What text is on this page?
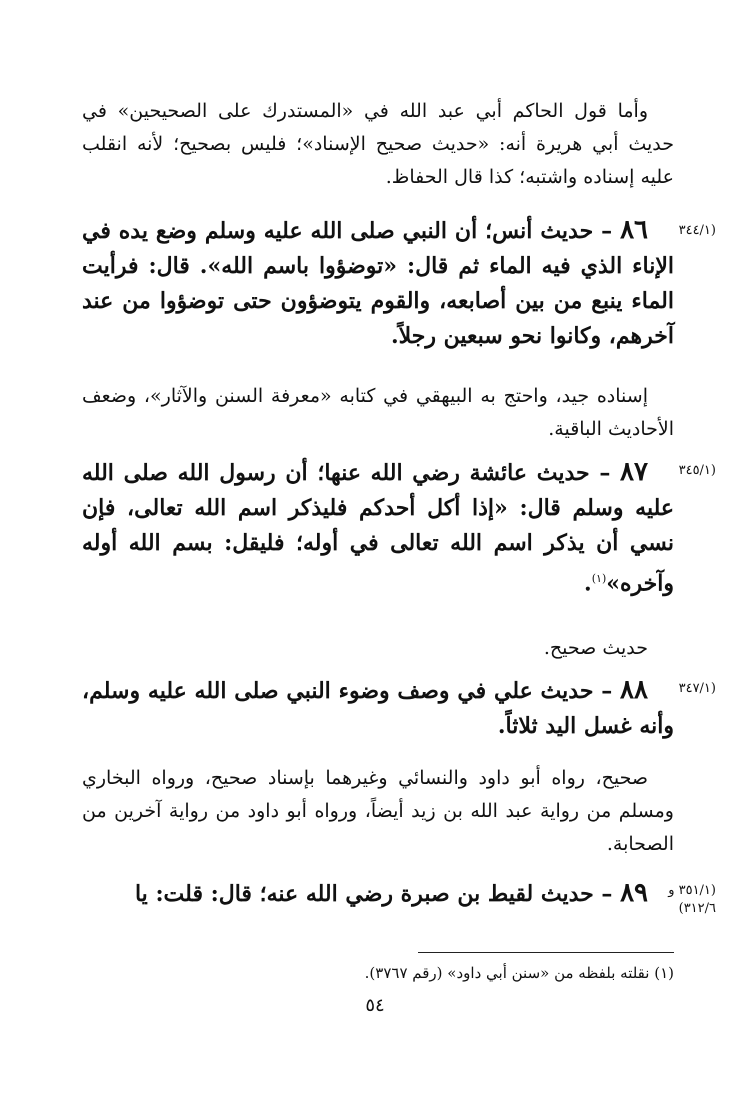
وأما قول الحاكم أبي عبد الله في «المستدرك على الصحيحين» في حديث أبي هريرة أنه: «حديث صحيح الإسناد»؛ فليس بصحيح؛ لأنه انقلب عليه إسناده واشتبه؛ كذا قال الحفاظ.
(٣٤٤/١
٨٦ – حديث أنس؛ أن النبي صلى الله عليه وسلم وضع يده في الإناء الذي فيه الماء ثم قال: «توضؤوا باسم الله». قال: فرأيت الماء ينبع من بين أصابعه، والقوم يتوضؤون حتى توضؤوا من عند آخرهم، وكانوا نحو سبعين رجلاً.
إسناده جيد، واحتج به البيهقي في كتابه «معرفة السنن والآثار»، وضعف الأحاديث الباقية.
(٣٤٥/١
٨٧ – حديث عائشة رضي الله عنها؛ أن رسول الله صلى الله عليه وسلم قال: «إذا أكل أحدكم فليذكر اسم الله تعالى، فإن نسي أن يذكر اسم الله تعالى في أوله؛ فليقل: بسم الله أوله وآخره»$^{(١)}$.
حديث صحيح.
(٣٤٧/١
٨٨ – حديث علي في وصف وضوء النبي صلى الله عليه وسلم، وأنه غسل اليد ثلاثاً.
صحيح، رواه أبو داود والنسائي وغيرهما بإسناد صحيح، ورواه البخاري ومسلم من رواية عبد الله بن زيد أيضاً، ورواه أبو داود من رواية آخرين من الصحابة.
(٣٥١/١ و ٣١٢/٦)
٨٩ – حديث لقيط بن صبرة رضي الله عنه؛ قال: قلت: يا
(١) نقلته بلفظه من «سنن أبي داود» (رقم ٣٧٦٧).
٥٤
